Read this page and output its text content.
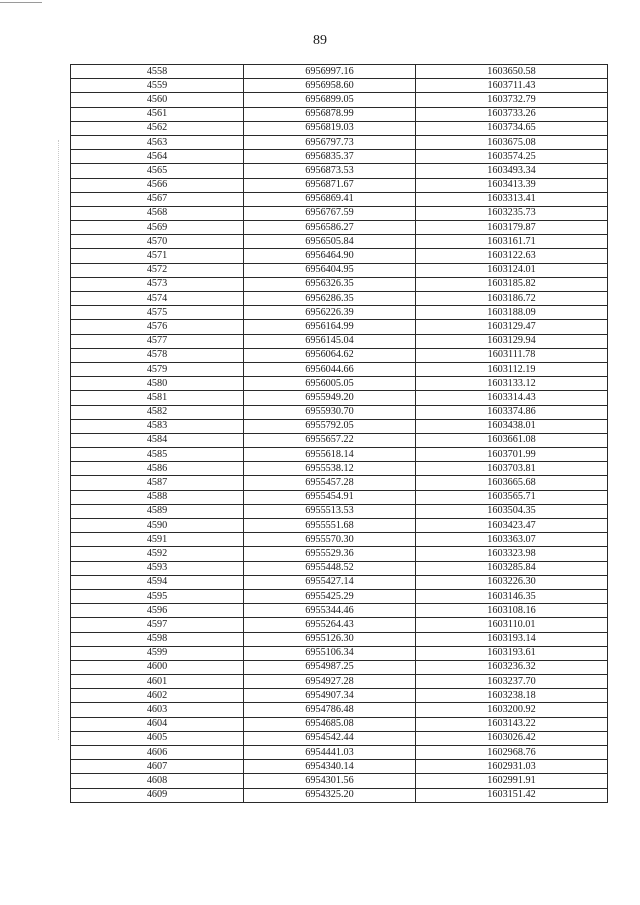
89
4558	6956997.16	1603650.58
4559	6956958.60	1603711.43
4560	6956899.05	1603732.79
4561	6956878.99	1603733.26
4562	6956819.03	1603734.65
4563	6956797.73	1603675.08
4564	6956835.37	1603574.25
4565	6956873.53	1603493.34
4566	6956871.67	1603413.39
4567	6956869.41	1603313.41
4568	6956767.59	1603235.73
4569	6956586.27	1603179.87
4570	6956505.84	1603161.71
4571	6956464.90	1603122.63
4572	6956404.95	1603124.01
4573	6956326.35	1603185.82
4574	6956286.35	1603186.72
4575	6956226.39	1603188.09
4576	6956164.99	1603129.47
4577	6956145.04	1603129.94
4578	6956064.62	1603111.78
4579	6956044.66	1603112.19
4580	6956005.05	1603133.12
4581	6955949.20	1603314.43
4582	6955930.70	1603374.86
4583	6955792.05	1603438.01
4584	6955657.22	1603661.08
4585	6955618.14	1603701.99
4586	6955538.12	1603703.81
4587	6955457.28	1603665.68
4588	6955454.91	1603565.71
4589	6955513.53	1603504.35
4590	6955551.68	1603423.47
4591	6955570.30	1603363.07
4592	6955529.36	1603323.98
4593	6955448.52	1603285.84
4594	6955427.14	1603226.30
4595	6955425.29	1603146.35
4596	6955344.46	1603108.16
4597	6955264.43	1603110.01
4598	6955126.30	1603193.14
4599	6955106.34	1603193.61
4600	6954987.25	1603236.32
4601	6954927.28	1603237.70
4602	6954907.34	1603238.18
4603	6954786.48	1603200.92
4604	6954685.08	1603143.22
4605	6954542.44	1603026.42
4606	6954441.03	1602968.76
4607	6954340.14	1602931.03
4608	6954301.56	1602991.91
4609	6954325.20	1603151.42
